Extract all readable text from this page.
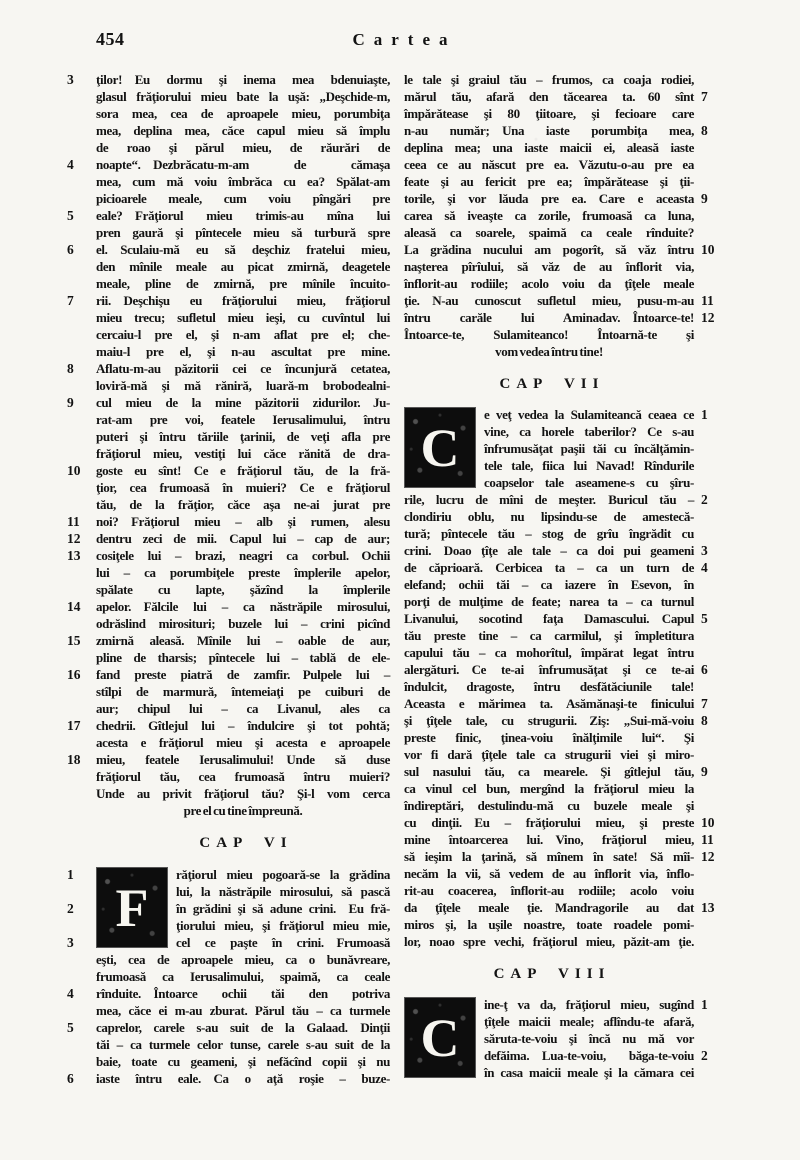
454	Cartea
3	ţilor! Eu dormu şi inema mea bdenuiaşte,
glasul frăţiorului mieu bate la uşă: „Deşchide-m,
sora mea, cea de aproapele mieu, porumbiţa
mea, deplina mea, căce capul mieu să împlu
de roao şi părul mieu, de răurări de
4	noapte“. Dezbrăcatu-m-am de cămaşa
mea, cum mă voiu îmbrăca cu ea? Spălat-am
picioarele meale, cum voiu pîngări pre
5	eale? Frăţiorul mieu trimis-au mîna lui
pren gaură şi pîntecele mieu să turbură spre
6	el. Sculaiu-mă eu să deşchiz fratelui mieu,
den mînile meale au picat zmirnă, deagetele
meale, pline de zmirnă, pre mînile încuito-
7	rii. Deşchişu eu frăţiorului mieu, frăţiorul
mieu trecu; sufletul mieu ieşi, cu cuvîntul lui
cercaiu-l pre el, şi n-am aflat pre el; che-
maiu-l pre el, şi n-au ascultat pre mine.
8	Aflatu-m-au păzitorii cei ce încunjură cetatea,
loviră-mă şi mă răniră, luară-m brobodealni-
9	cul mieu de la mine păzitorii zidurilor. Ju-
rat-am pre voi, featele Ierusalimului, întru
puteri şi întru tăriile ţarinii, de veţi afla pre
frăţiorul mieu, vestiţi lui căce rănită de dra-
10	goste eu sînt! Ce e frăţiorul tău, de la fră-
ţior, cea frumoasă în muieri? Ce e frăţiorul
tău, de la frăţior, căce aşa ne-ai jurat pre
11	noi? Frăţiorul mieu – alb şi rumen, alesu
12	dentru zeci de mii. Capul lui – cap de aur;
13	cosiţele lui – brazi, neagri ca corbul. Ochii
lui – ca porumbiţele preste împlerile apelor,
spălate cu lapte, şăzînd la împlerile
14	apelor. Fălcile lui – ca năstrăpile mirosului,
odrăslind mirosituri; buzele lui – crini picînd
15	zmirnă aleasă. Mînile lui – oable de aur,
pline de tharsis; pîntecele lui – tablă de ele-
16	fand preste piatră de zamfir. Pulpele lui –
stîlpi de marmură, întemeiaţi pe cuiburi de
aur; chipul lui – ca Livanul, ales ca
17	chedrii. Gîtlejul lui – îndulcire şi tot pohtă;
acesta e frăţiorul mieu şi acesta e aproapele
18	mieu, featele Ierusalimului! Unde să duse
frăţiorul tău, cea frumoasă întru muieri?
Unde au privit frăţiorul tău? Şi-l vom cerca
pre el cu tine împreună.
CAP VI
F
1	răţiorul mieu pogoară-se la grădina
lui, la năstrăpile mirosului, să pască
2	în grădini şi să adune crini. Eu fră-
ţiorului mieu, şi frăţiorul mieu mie,
3	cel ce paşte în crini. Frumoasă
eşti, cea de aproapele mieu, ca o bunăvreare,
frumoasă ca Ierusalimului, spaimă, ca ceale
4	rînduite. Întoarce ochii tăi den potriva
mea, căce ei m-au zburat. Părul tău – ca turmele
5	caprelor, carele s-au suit de la Galaad. Dinţii
tăi – ca turmele celor tunse, carele s-au suit de la
baie, toate cu geameni, şi nefăcînd copii şi nu
6	iaste întru eale. Ca o aţă roşie – buze-
le tale şi graiul tău – frumos, ca coaja rodiei,
7
mărul tău, afară den tăcearea ta. 60 sînt
împărătease şi 80 ţiitoare, şi fecioare care
8
n-au număr; Una iaste porumbiţa mea,
deplina mea; una iaste maicii ei, aleasă iaste
ceea ce au născut pre ea. Văzutu-o-au pre ea
feate şi au fericit pre ea; împărătease şi ţii-
9
torile, şi vor lăuda pre ea. Care e aceasta
carea să iveaşte ca zorile, frumoasă ca luna,
aleasă ca soarele, spaimă ca ceale rînduite?
10
La grădina nucului am pogorît, să văz întru
naşterea pîrîului, să văz de au înflorit via,
înflorit-au rodiile; acolo voiu da ţîţele meale
11
ţie. N-au cunoscut sufletul mieu, pusu-m-au
12
întru carăle lui Aminadav. Întoarce-te!
Întoarce-te, Sulamiteanco! Întoarnă-te şi
vom vedea întru tine!
CAP VII
C
1
e veţ vedea la Sulamiteancă ceaea ce
vine, ca horele taberilor? Ce s-au
înfrumusăţat paşii tăi cu încălţămin-
tele tale, fiica lui Navad! Rîndurile
coapselor tale aseamene-s cu şîru-
2
rile, lucru de mîni de meşter. Buricul tău –
clondiriu oblu, nu lipsindu-se de amestecă-
tură; pîntecele tău – stog de grîu îngrădit cu
3
crini. Doao ţîţe ale tale – ca doi pui geameni
4
de căprioară. Cerbicea ta – ca un turn de
elefand; ochii tăi – ca iazere în Esevon, în
porţi de mulţime de feate; narea ta – ca turnul
5
Livanului, socotind faţa Damascului. Capul
tău preste tine – ca carmilul, şi împletitura
capului tău – ca mohorîtul, împărat legat întru
6
alergături. Ce te-ai înfrumusăţat şi ce te-ai
îndulcit, dragoste, întru desfătăciunile tale!
7
Aceasta e mărimea ta. Asămănaşi-te finicului
8
şi ţîţele tale, cu strugurii. Ziş: „Sui-mă-voiu
preste finic, ţinea-voiu înălţimile lui“. Şi
vor fi dară ţîţele tale ca strugurii viei şi miro-
9
sul nasului tău, ca mearele. Şi gîtlejul tău,
ca vinul cel bun, mergînd la frăţiorul mieu la
îndireptări, destulindu-mă cu buzele meale şi
10
cu dinţii. Eu – frăţiorului mieu, şi preste
11
mine întoarcerea lui. Vino, frăţiorul mieu,
12
să ieşim la ţarină, să mînem în sate! Să mîi-
necăm la vii, să vedem de au înflorit via, înflo-
rit-au coacerea, înflorit-au rodiile; acolo voiu
13
da ţîţele meale ţie. Mandragorile au dat
miros şi, la uşile noastre, toate roadele pomi-
lor, noao spre vechi, frăţiorul mieu, păzit-am ţie.
CAP VIII
C
1
ine-ţ va da, frăţiorul mieu, sugînd
ţîţele maicii meale; aflîndu-te afară,
săruta-te-voiu şi încă nu mă vor
2
defăima. Lua-te-voiu, băga-te-voiu
în casa maicii meale şi la cămara cei
